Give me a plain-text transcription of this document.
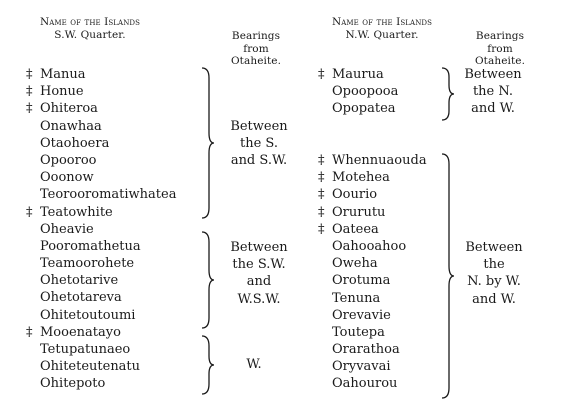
Name of the Islands
S.W. Quarter.	Bearings
from
Otaheite.
Name of the Islands
N.W. Quarter.	Bearings
from
Otaheite.
‡ Manua
‡ Honue
‡ Ohiteroa
Onawhaa
Otaohoera
Opooroo
Ooonow
Teorooromatiwhatea
‡ Teatowhite
Oheavie
Pooromathetua
Teamoorohete
Ohetotarive
Ohetotareva
Ohitetoutoumi
‡ Mooenatayo
Tetupatunaeo
Ohiteteutenatu
Ohitepoto
‡ Maurua
Opoopooa
Opopatea
‡ Whennuaouda
‡ Motehea
‡ Oourio
‡ Orurutu
‡ Oateea
Oahooahoo
Oweha
Orotuma
Tenuna
Orevavie
Toutepa
Orarathoa
Oryvavai
Oahourou
Between
the S.
and S.W.
Between
the S.W.
and
W.S.W.
W.
Between
the N.
and W.
Between
the
N. by W.
and W.
